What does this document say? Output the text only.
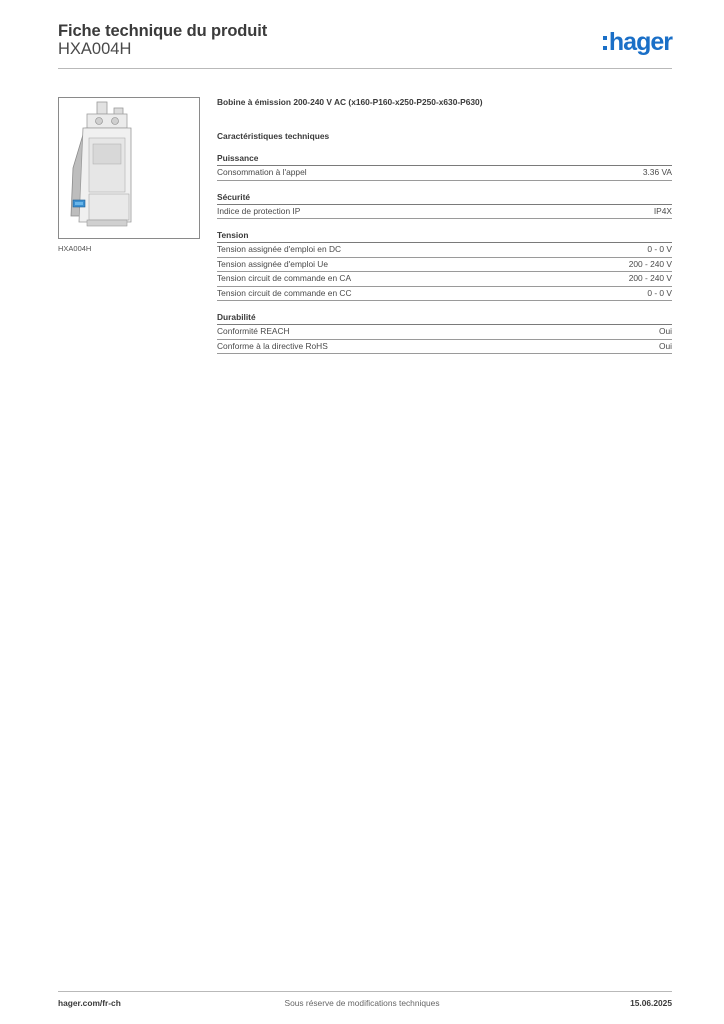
Fiche technique du produit
HXA004H	hager
HXA004H
Bobine à émission 200-240 V AC (x160-P160-x250-P250-x630-P630)
Caractéristiques techniques
Puissance
Consommation à l'appel	3.36 VA
Sécurité
Indice de protection IP	IP4X
Tension
Tension assignée d'emploi en DC	0 - 0 V
Tension assignée d'emploi Ue	200 - 240 V
Tension circuit de commande en CA	200 - 240 V
Tension circuit de commande en CC	0 - 0 V
Durabilité
Conformité REACH	Oui
Conforme à la directive RoHS	Oui
hager.com/fr-ch	Sous réserve de modifications techniques	15.06.2025
